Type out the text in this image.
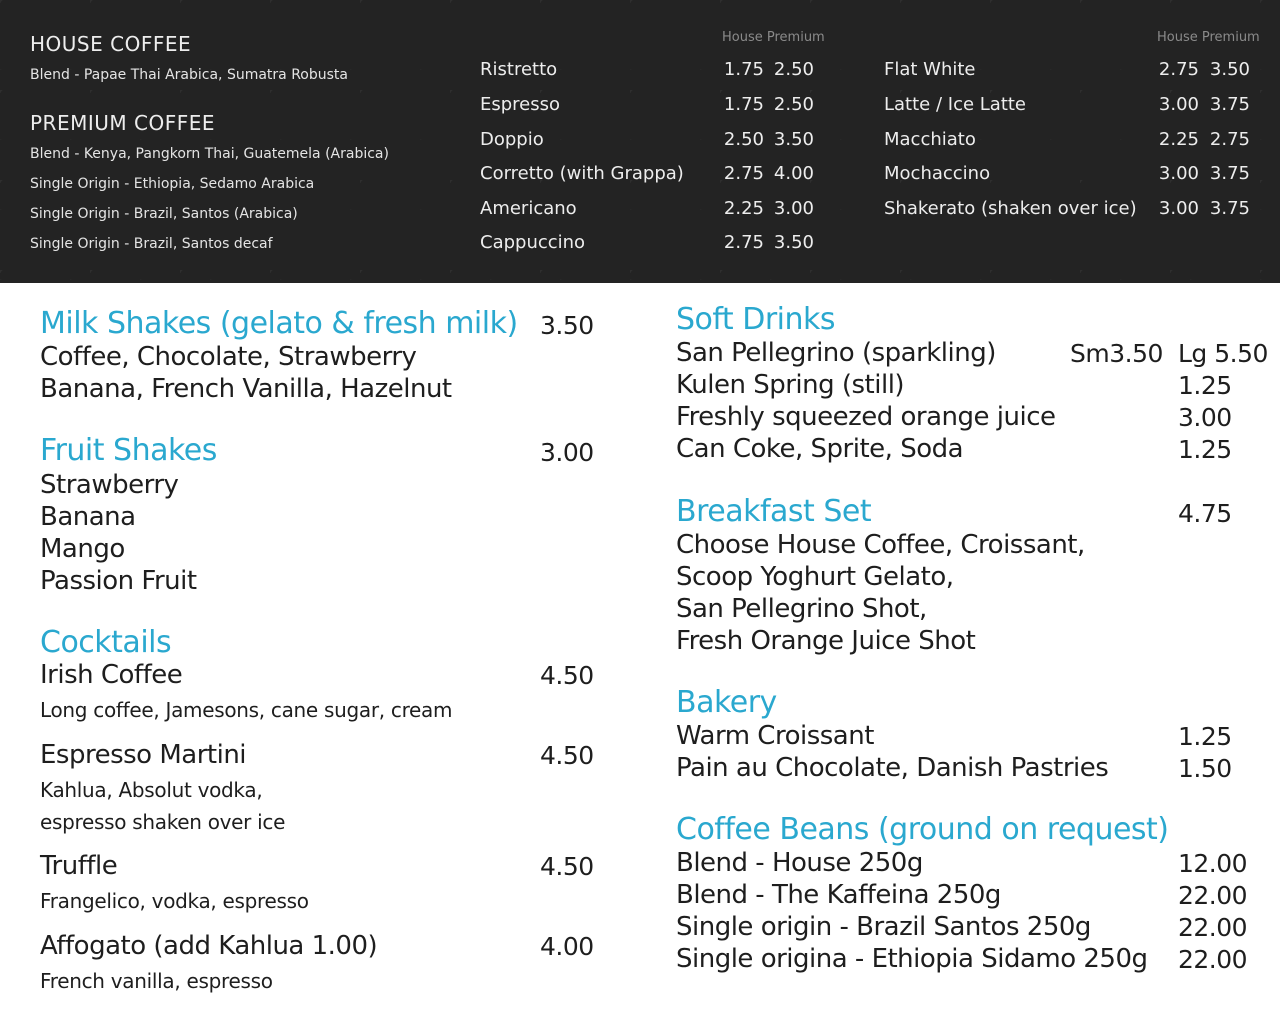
HOUSE COFFEE
Blend - Papae Thai Arabica, Sumatra Robusta
PREMIUM COFFEE
Blend - Kenya, Pangkorn Thai, Guatemela (Arabica)
Single Origin - Ethiopia, Sedamo Arabica
Single Origin - Brazil, Santos (Arabica)
Single Origin - Brazil, Santos decaf
House Premium
Ristretto	1.75 2.50
Espresso	1.75 2.50
Doppio	2.50 3.50
Corretto (with Grappa)	2.75 4.00
Americano	2.25 3.00
Cappuccino	2.75 3.50
House Premium
Flat White	2.75 3.50
Latte / Ice Latte	3.00 3.75
Macchiato	2.25 2.75
Mochaccino	3.00 3.75
Shakerato (shaken over ice)	3.00 3.75
Milk Shakes (gelato & fresh milk) 3.50
Coffee, Chocolate, Strawberry
Banana, French Vanilla, Hazelnut
Fruit Shakes	3.00
Strawberry
Banana
Mango
Passion Fruit
Cocktails
Irish Coffee	4.50
Long coffee, Jamesons, cane sugar, cream
Espresso Martini	4.50
Kahlua, Absolut vodka,
espresso shaken over ice
Truffle	4.50
Frangelico, vodka, espresso
Affogato (add Kahlua 1.00)	4.00
French vanilla, espresso
Soft Drinks
San Pellegrino (sparkling)	Sm3.50 Lg 5.50
Kulen Spring (still)	1.25
Freshly squeezed orange juice	3.00
Can Coke, Sprite, Soda	1.25
Breakfast Set	4.75
Choose House Coffee, Croissant,
Scoop Yoghurt Gelato,
San Pellegrino Shot,
Fresh Orange Juice Shot
Bakery
Warm Croissant	1.25
Pain au Chocolate, Danish Pastries	1.50
Coffee Beans (ground on request)
Blend - House 250g	12.00
Blend - The Kaffeina 250g	22.00
Single origin - Brazil Santos 250g	22.00
Single origina - Ethiopia Sidamo 250g 22.00
